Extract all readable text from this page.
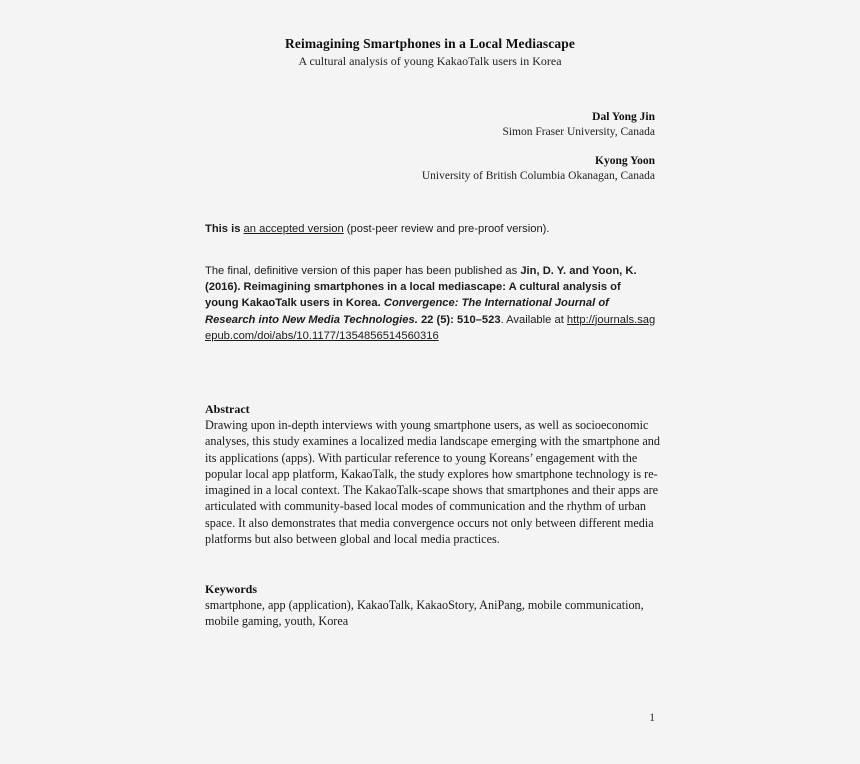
Reimagining Smartphones in a Local Mediascape
A cultural analysis of young KakaoTalk users in Korea
Dal Yong Jin
Simon Fraser University, Canada
Kyong Yoon
University of British Columbia Okanagan, Canada
This is an accepted version (post-peer review and pre-proof version).
The final, definitive version of this paper has been published as Jin, D. Y. and Yoon, K. (2016). Reimagining smartphones in a local mediascape: A cultural analysis of young KakaoTalk users in Korea. Convergence: The International Journal of Research into New Media Technologies. 22 (5): 510–523. Available at http://journals.sagepub.com/doi/abs/10.1177/1354856514560316
Abstract

Drawing upon in-depth interviews with young smartphone users, as well as socioeconomic analyses, this study examines a localized media landscape emerging with the smartphone and its applications (apps). With particular reference to young Koreans’ engagement with the popular local app platform, KakaoTalk, the study explores how smartphone technology is re-imagined in a local context. The KakaoTalk-scape shows that smartphones and their apps are articulated with community-based local modes of communication and the rhythm of urban space. It also demonstrates that media convergence occurs not only between different media platforms but also between global and local media practices.

Keywords

smartphone, app (application), KakaoTalk, KakaoStory, AniPang, mobile communication, mobile gaming, youth, Korea

1
